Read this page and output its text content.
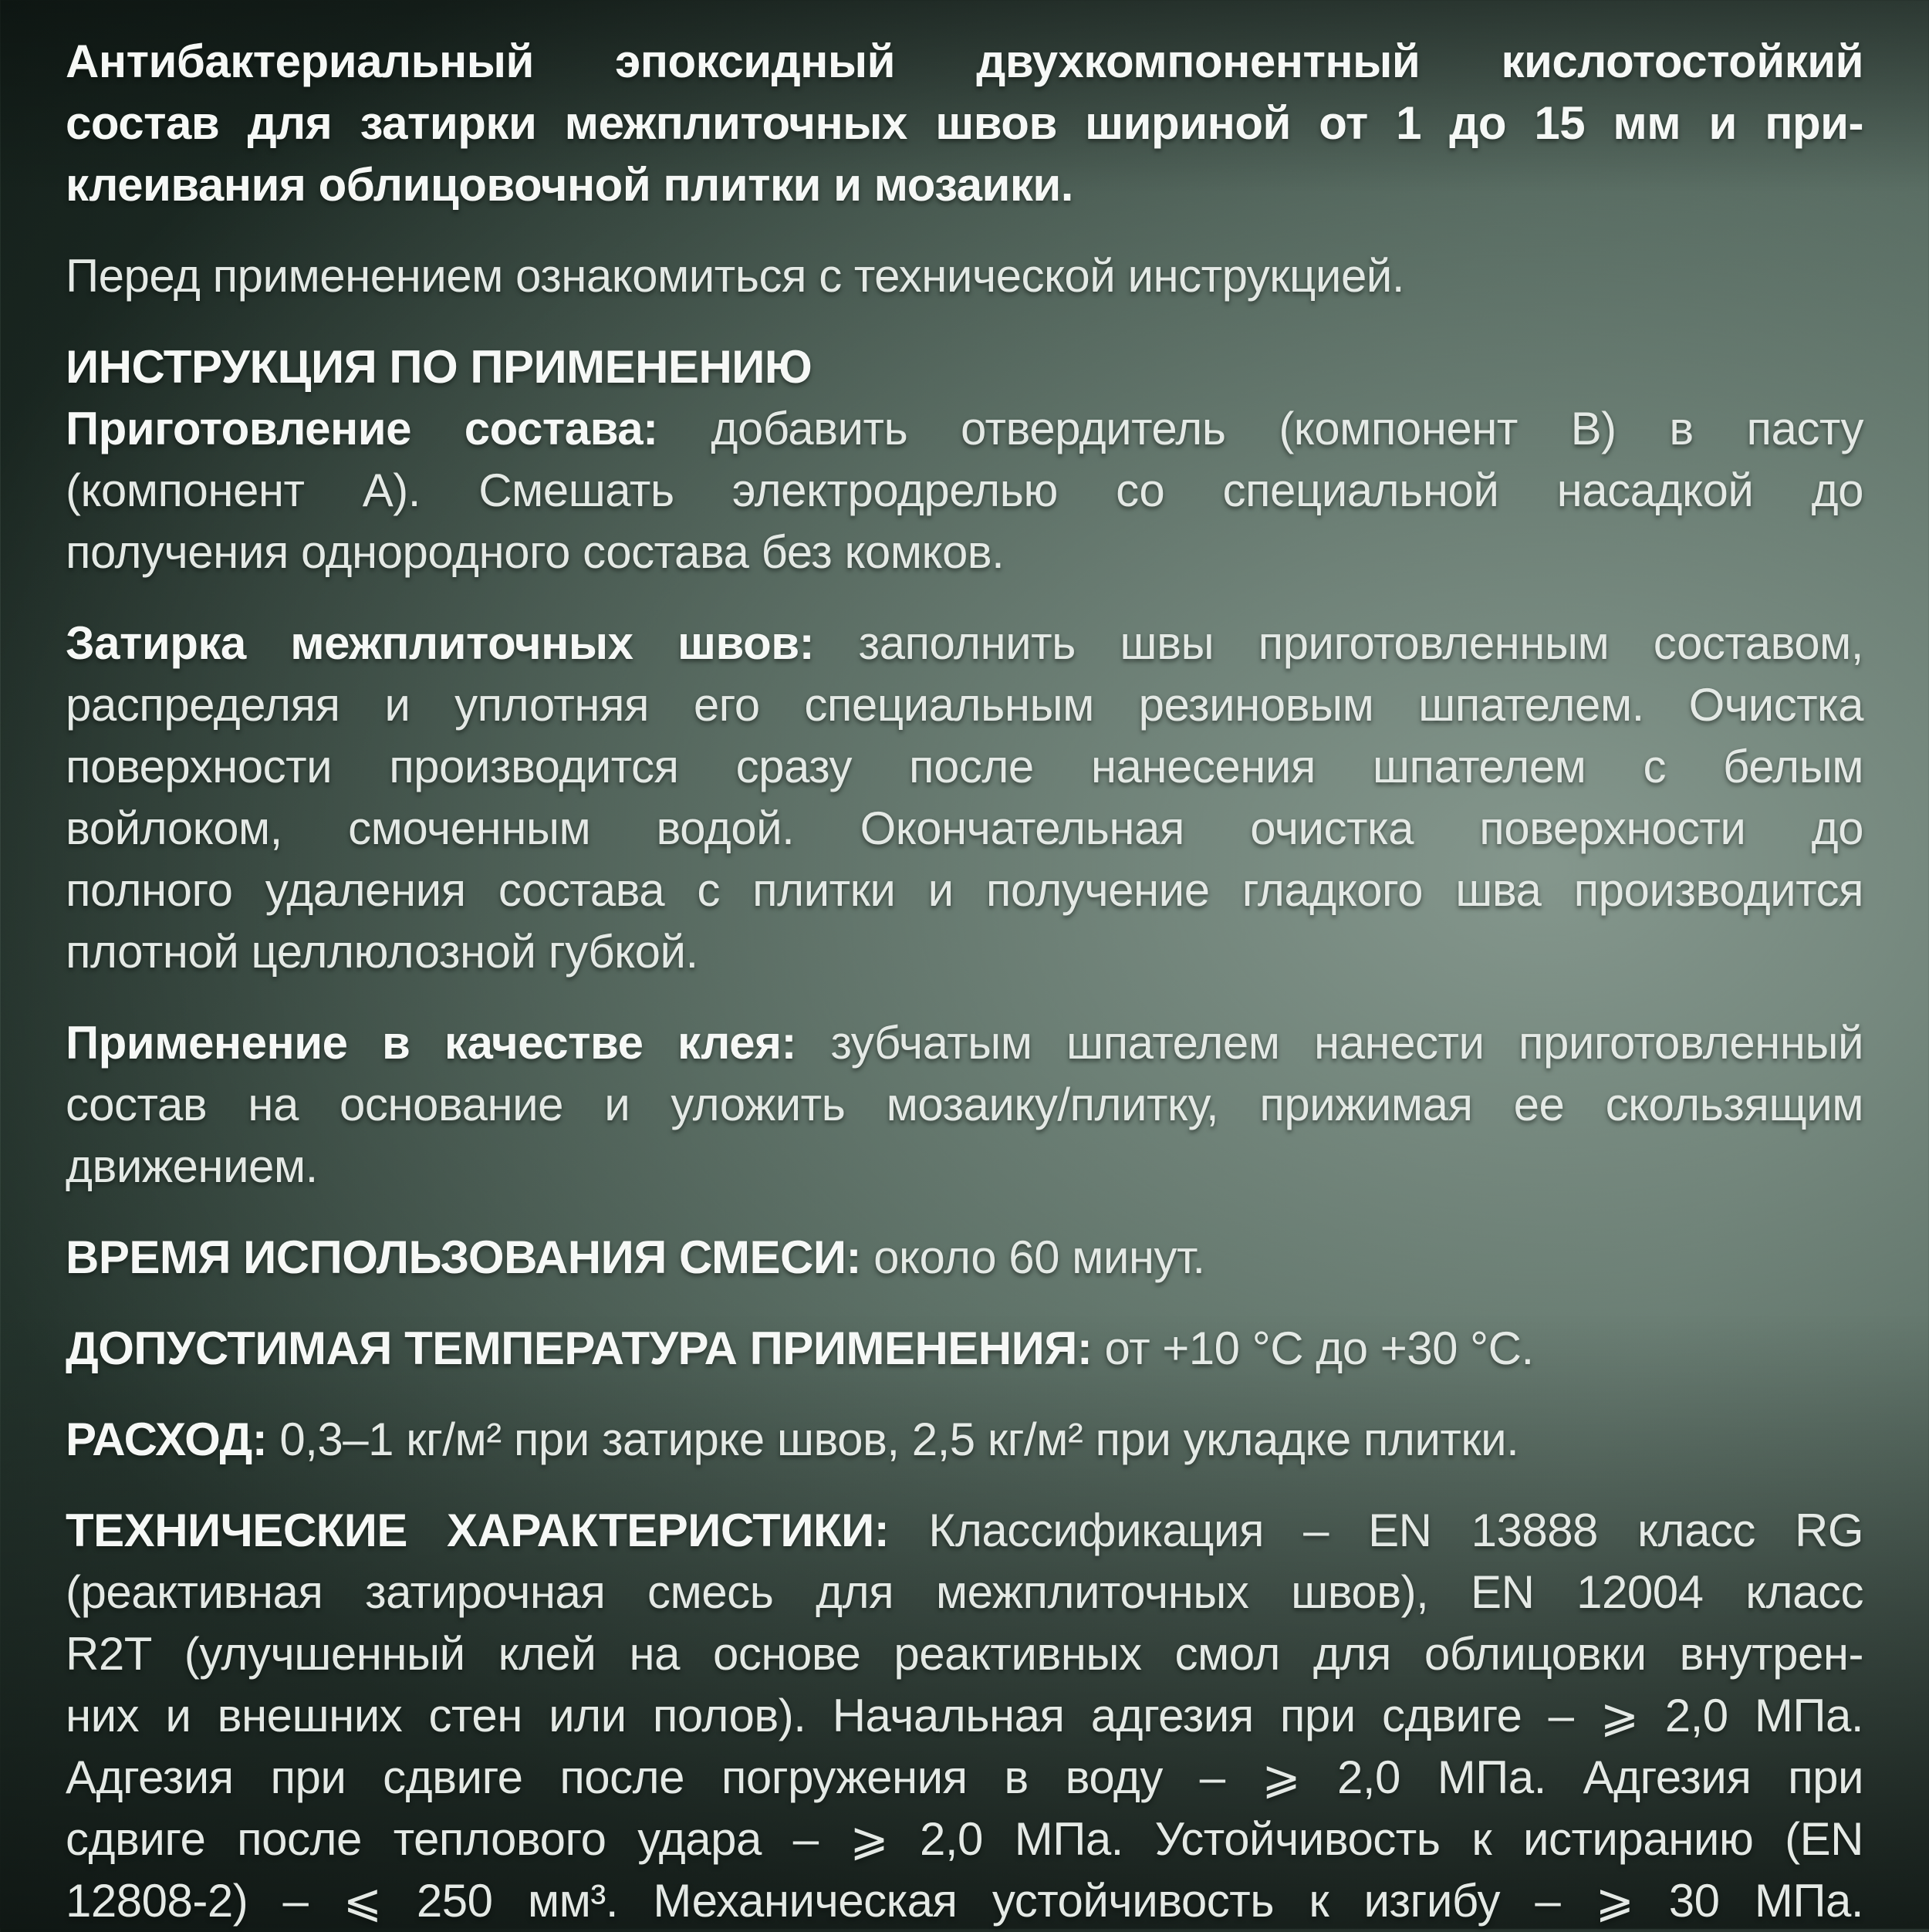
Антибактериальный эпоксидный двухкомпонентный кислотостойкий
состав для затирки межплиточных швов шириной от 1 до 15 мм и при-
клеивания облицовочной плитки и мозаики.
Перед применением ознакомиться с технической инструкцией.
ИНСТРУКЦИЯ ПО ПРИМЕНЕНИЮ
Приготовление состава: добавить отвердитель (компонент В) в пасту
(компонент А). Смешать электродрелью со специальной насадкой до
получения однородного состава без комков.
Затирка межплиточных швов: заполнить швы приготовленным составом,
распределяя и уплотняя его специальным резиновым шпателем. Очистка
поверхности производится сразу после нанесения шпателем с белым
войлоком, смоченным водой. Окончательная очистка поверхности до
полного удаления состава с плитки и получение гладкого шва производится
плотной целлюлозной губкой.
Применение в качестве клея: зубчатым шпателем нанести приготовленный
состав на основание и уложить мозаику/плитку, прижимая ее скользящим
движением.
ВРЕМЯ ИСПОЛЬЗОВАНИЯ СМЕСИ: около 60 минут.
ДОПУСТИМАЯ ТЕМПЕРАТУРА ПРИМЕНЕНИЯ: от +10 °С до +30 °С.
РАСХОД: 0,3–1 кг/м² при затирке швов, 2,5 кг/м² при укладке плитки.
ТЕХНИЧЕСКИЕ ХАРАКТЕРИСТИКИ: Классификация – EN 13888 класс RG
(реактивная затирочная смесь для межплиточных швов), EN 12004 класс
R2T (улучшенный клей на основе реактивных смол для облицовки внутрен-
них и внешних стен или полов). Начальная адгезия при сдвиге – ⩾ 2,0 МПа.
Адгезия при сдвиге после погружения в воду – ⩾ 2,0 МПа. Адгезия при
сдвиге после теплового удара – ⩾ 2,0 МПа. Устойчивость к истиранию (EN
12808-2) – ⩽ 250 мм³. Механическая устойчивость к изгибу – ⩾ 30 МПа.
